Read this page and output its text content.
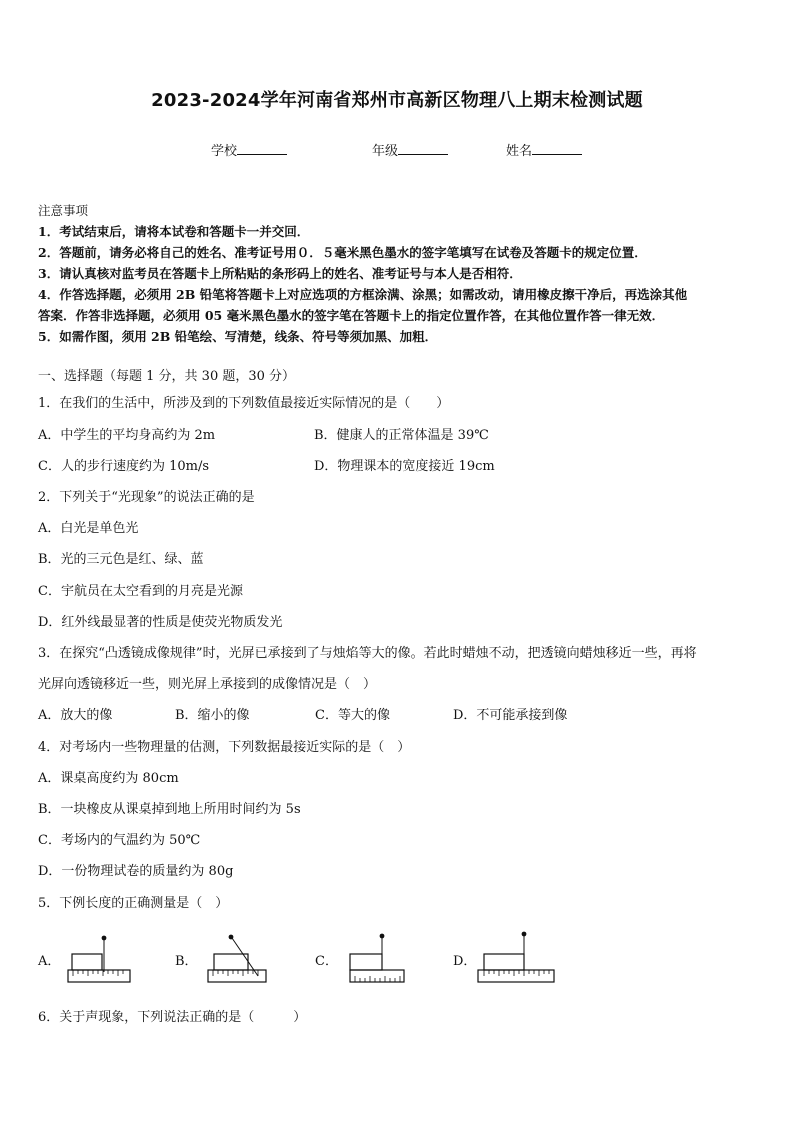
2023-2024学年河南省郑州市高新区物理八上期末检测试题
学校	年级	姓名
注意事项
1．考试结束后，请将本试卷和答题卡一并交回．
2．答题前，请务必将自己的姓名、准考证号用０．５毫米黑色墨水的签字笔填写在试卷及答题卡的规定位置．
3．请认真核对监考员在答题卡上所粘贴的条形码上的姓名、准考证号与本人是否相符．
4．作答选择题，必须用 2B 铅笔将答题卡上对应选项的方框涂满、涂黑；如需改动，请用橡皮擦干净后，再选涂其他
答案．作答非选择题，必须用 05 毫米黑色墨水的签字笔在答题卡上的指定位置作答，在其他位置作答一律无效．
5．如需作图，须用 2B 铅笔绘、写清楚，线条、符号等须加黑、加粗．
一、选择题（每题 1 分，共 30 题，30 分）
1．在我们的生活中，所涉及到的下列数值最接近实际情况的是（　　）
A．中学生的平均身高约为 2m	B．健康人的正常体温是 39℃
C．人的步行速度约为 10m/s	D．物理课本的宽度接近 19cm
2．下列关于“光现象”的说法正确的是
A．白光是单色光
B．光的三元色是红、绿、蓝
C．宇航员在太空看到的月亮是光源
D．红外线最显著的性质是使荧光物质发光
3．在探究“凸透镜成像规律”时，光屏已承接到了与烛焰等大的像。若此时蜡烛不动，把透镜向蜡烛移近一些，再将
光屏向透镜移近一些，则光屏上承接到的成像情况是（　）
A．放大的像	B．缩小的像	C．等大的像	D．不可能承接到像
4．对考场内一些物理量的估测，下列数据最接近实际的是（　）
A．课桌高度约为 80cm
B．一块橡皮从课桌掉到地上所用时间约为 5s
C．考场内的气温约为 50℃
D．一份物理试卷的质量约为 80g
5．下例长度的正确测量是（　）
A．	B．	C．	D．
6．关于声现象，下列说法正确的是（　　　）
